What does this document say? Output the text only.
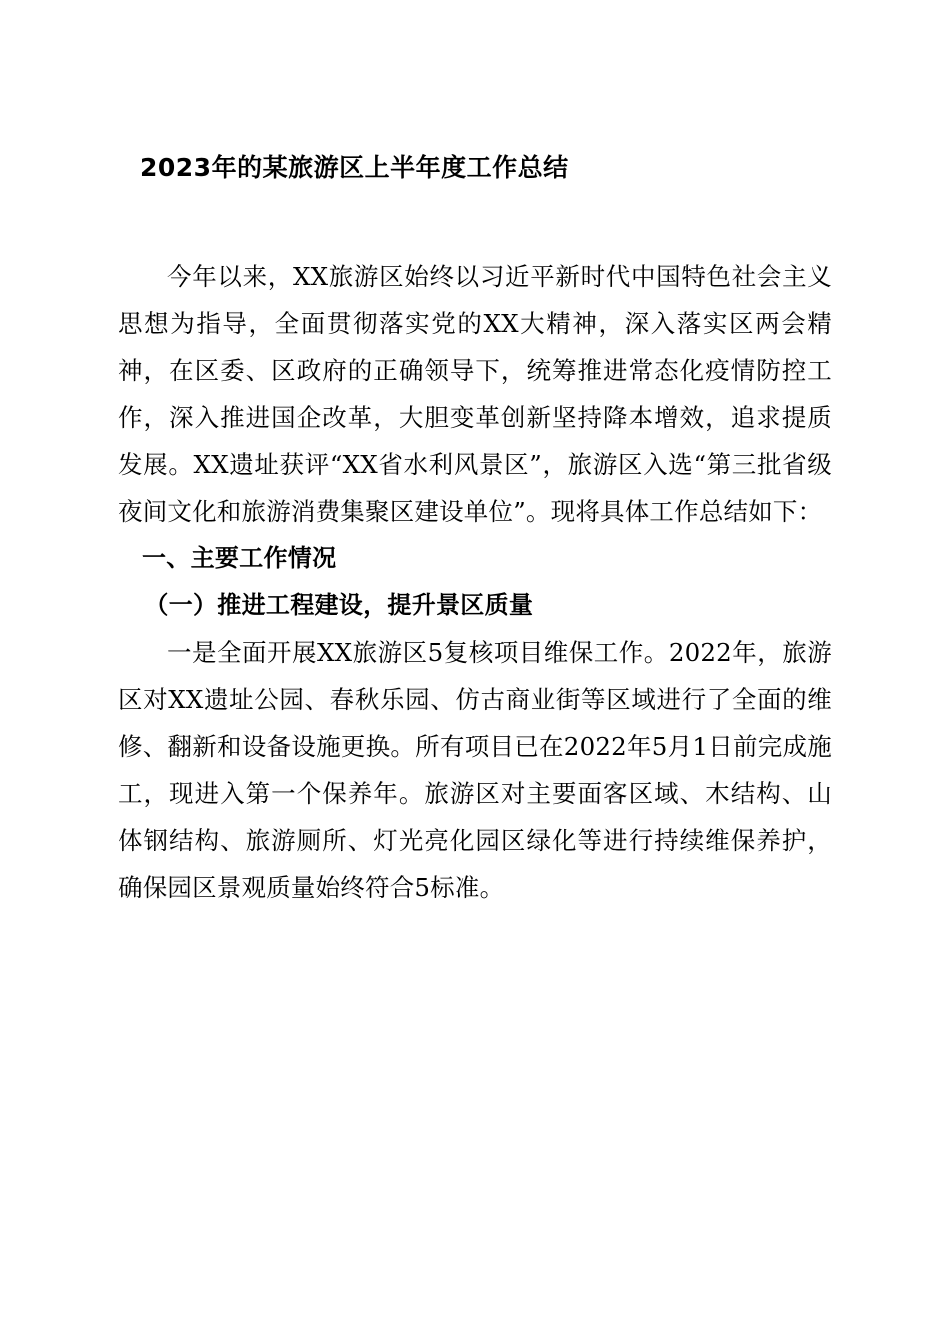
2023年的某旅游区上半年度工作总结

今年以来，XX旅游区始终以习近平新时代中国特色社会主义思想为指导，全面贯彻落实党的XX大精神，深入落实区两会精神，在区委、区政府的正确领导下，统筹推进常态化疫情防控工作，深入推进国企改革，大胆变革创新坚持降本增效，追求提质发展。XX遗址获评“XX省水利风景区”，旅游区入选“第三批省级夜间文化和旅游消费集聚区建设单位”。现将具体工作总结如下：

一、主要工作情况

（一）推进工程建设，提升景区质量

一是全面开展XX旅游区5复核项目维保工作。2022年，旅游区对XX遗址公园、春秋乐园、仿古商业街等区域进行了全面的维修、翻新和设备设施更换。所有项目已在2022年5月1日前完成施工，现进入第一个保养年。旅游区对主要面客区域、木结构、山体钢结构、旅游厕所、灯光亮化园区绿化等进行持续维保养护，确保园区景观质量始终符合5标准。
